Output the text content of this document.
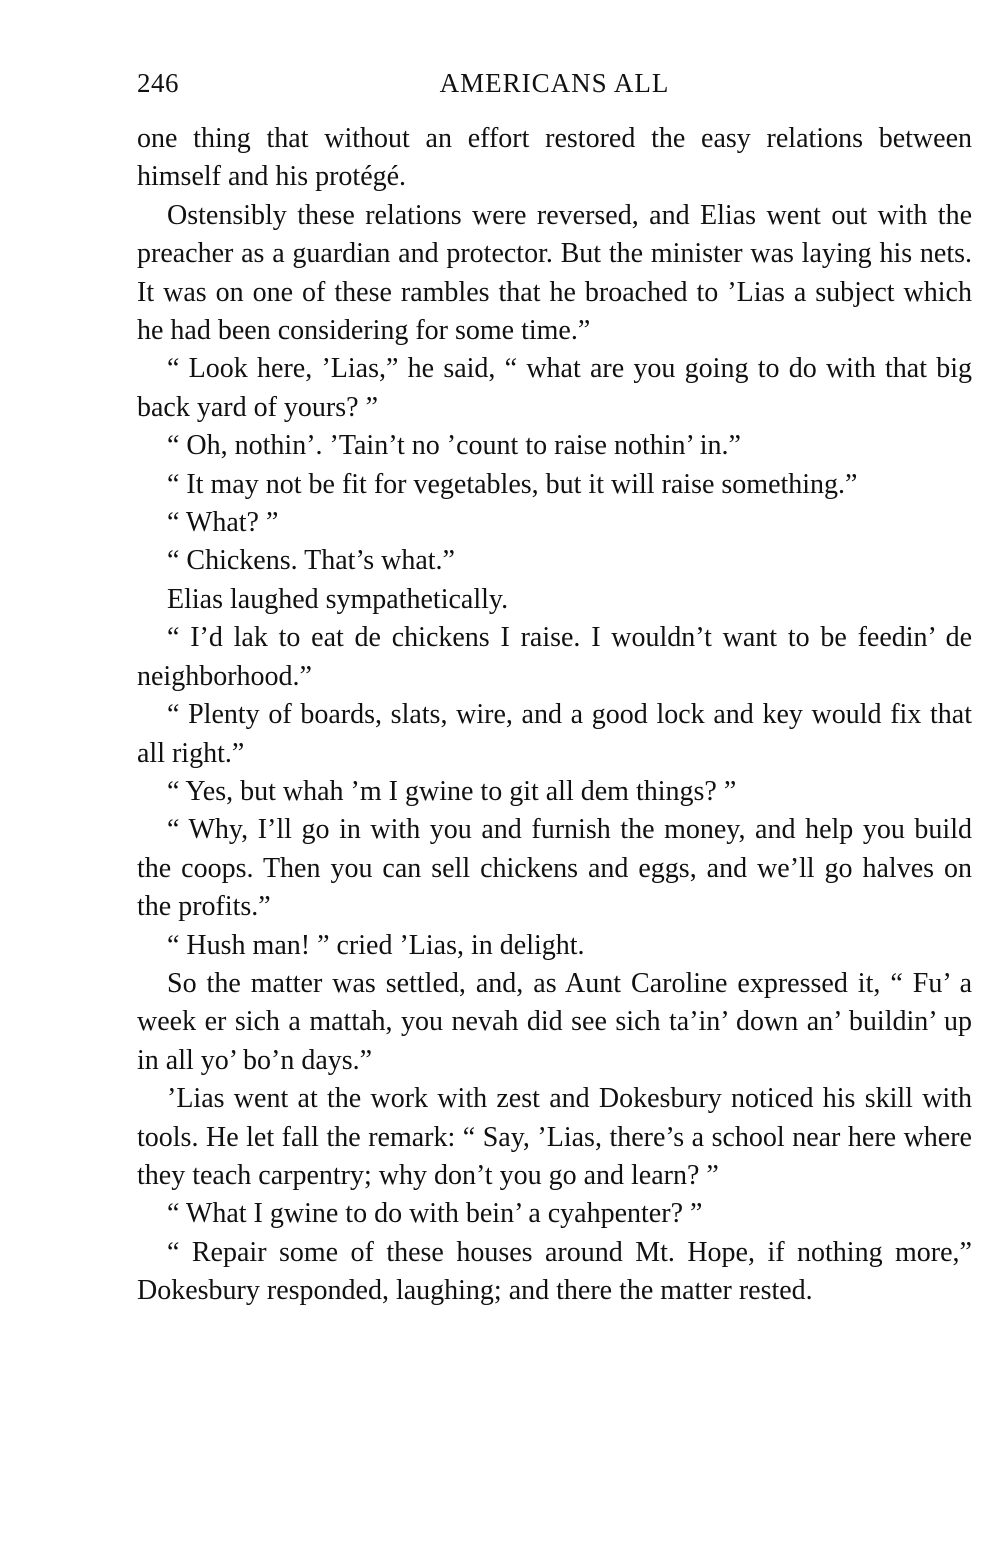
246	AMERICANS ALL

one thing that without an effort restored the easy relations between himself and his protégé.

Ostensibly these relations were reversed, and Elias went out with the preacher as a guardian and protector. But the minister was laying his nets. It was on one of these rambles that he broached to ’Lias a subject which he had been considering for some time.”

“ Look here, ’Lias,” he said, “ what are you going to do with that big back yard of yours? ”

“ Oh, nothin’. ’Tain’t no ’count to raise nothin’ in.”

“ It may not be fit for vegetables, but it will raise something.”

“ What? ”

“ Chickens. That’s what.”

Elias laughed sympathetically.

“ I’d lak to eat de chickens I raise. I wouldn’t want to be feedin’ de neighborhood.”

“ Plenty of boards, slats, wire, and a good lock and key would fix that all right.”

“ Yes, but whah ’m I gwine to git all dem things? ”

“ Why, I’ll go in with you and furnish the money, and help you build the coops. Then you can sell chickens and eggs, and we’ll go halves on the profits.”

“ Hush man! ” cried ’Lias, in delight.

So the matter was settled, and, as Aunt Caroline expressed it, “ Fu’ a week er sich a mattah, you nevah did see sich ta’in’ down an’ buildin’ up in all yo’ bo’n days.”

’Lias went at the work with zest and Dokesbury noticed his skill with tools. He let fall the remark: “ Say, ’Lias, there’s a school near here where they teach carpentry; why don’t you go and learn? ”

“ What I gwine to do with bein’ a cyahpenter? ”

“ Repair some of these houses around Mt. Hope, if nothing more,” Dokesbury responded, laughing; and there the matter rested.
